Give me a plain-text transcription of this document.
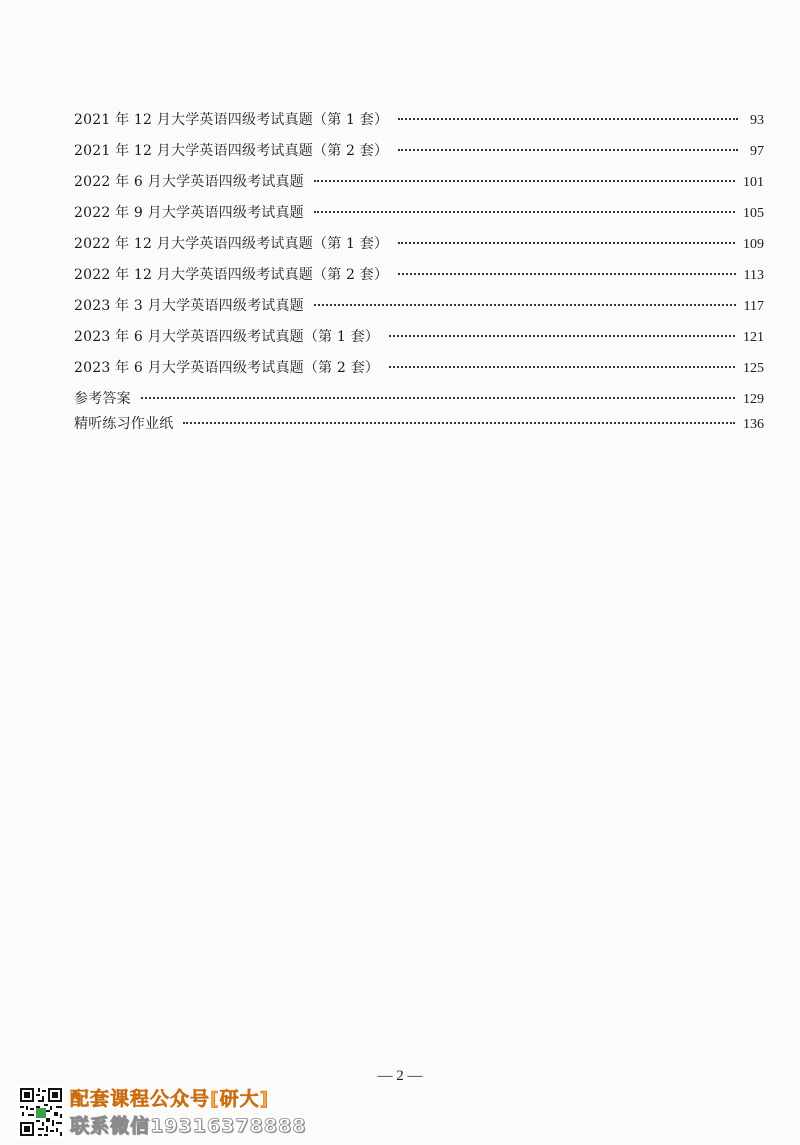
2021 年 12 月大学英语四级考试真题（第 1 套）	93
2021 年 12 月大学英语四级考试真题（第 2 套）	97
2022 年 6 月大学英语四级考试真题	101
2022 年 9 月大学英语四级考试真题	105
2022 年 12 月大学英语四级考试真题（第 1 套）	109
2022 年 12 月大学英语四级考试真题（第 2 套）	113
2023 年 3 月大学英语四级考试真题	117
2023 年 6 月大学英语四级考试真题（第 1 套）	121
2023 年 6 月大学英语四级考试真题（第 2 套）	125
参考答案	129
精听练习作业纸	136
— 2 —
配套课程公众号[研大]
联系微信19316378888
